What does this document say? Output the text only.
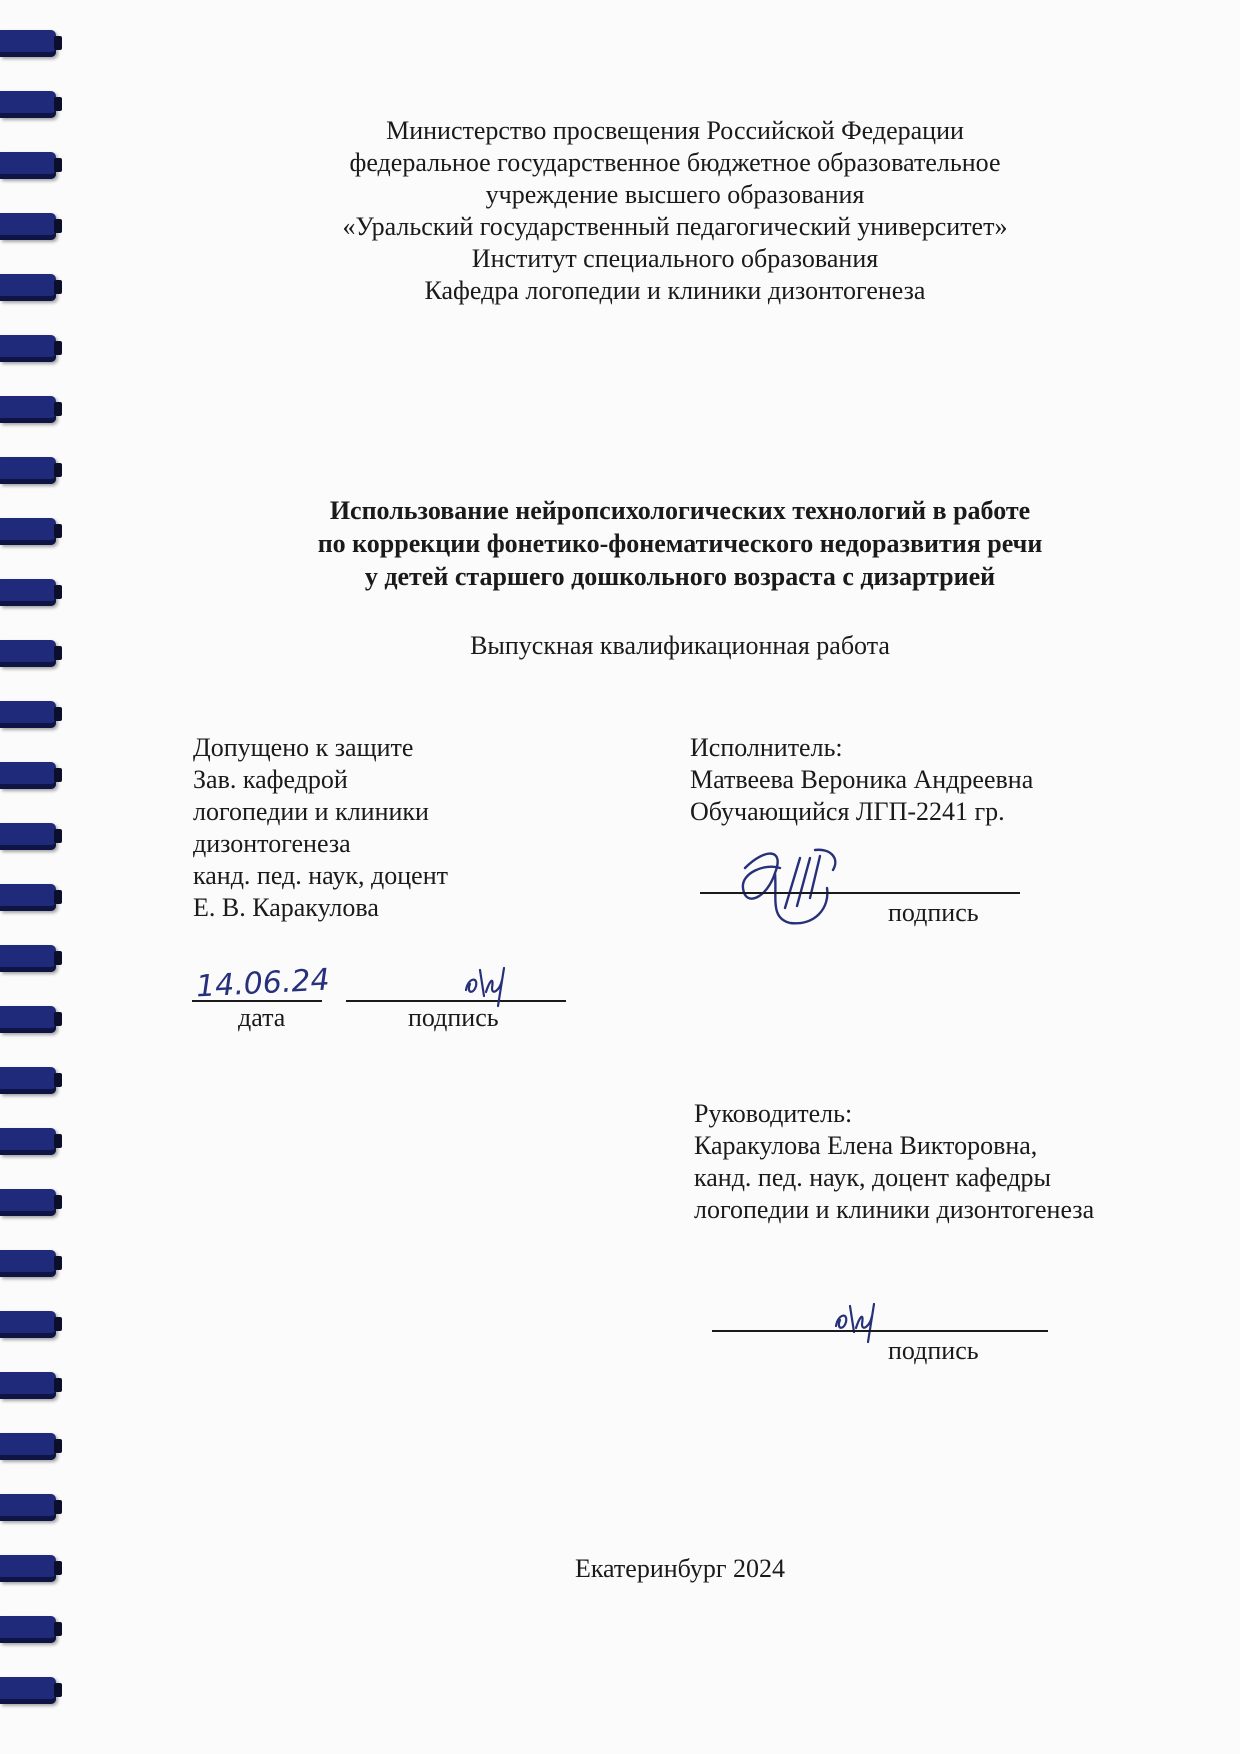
Министерство просвещения Российской Федерации
федеральное государственное бюджетное образовательное
учреждение высшего образования
«Уральский государственный педагогический университет»
Институт специального образования
Кафедра логопедии и клиники дизонтогенеза
Использование нейропсихологических технологий в работе
по коррекции фонетико-фонематического недоразвития речи
у детей старшего дошкольного возраста с дизартрией
Выпускная квалификационная работа
Допущено к защите
Зав. кафедрой
логопедии и клиники
дизонтогенеза
канд. пед. наук, доцент
Е. В. Каракулова
14.06.24
дата	подпись
Исполнитель:
Матвеева Вероника Андреевна
Обучающийся ЛГП-2241 гр.
подпись
Руководитель:
Каракулова Елена Викторовна,
канд. пед. наук, доцент кафедры
логопедии и клиники дизонтогенеза
подпись
Екатеринбург 2024
